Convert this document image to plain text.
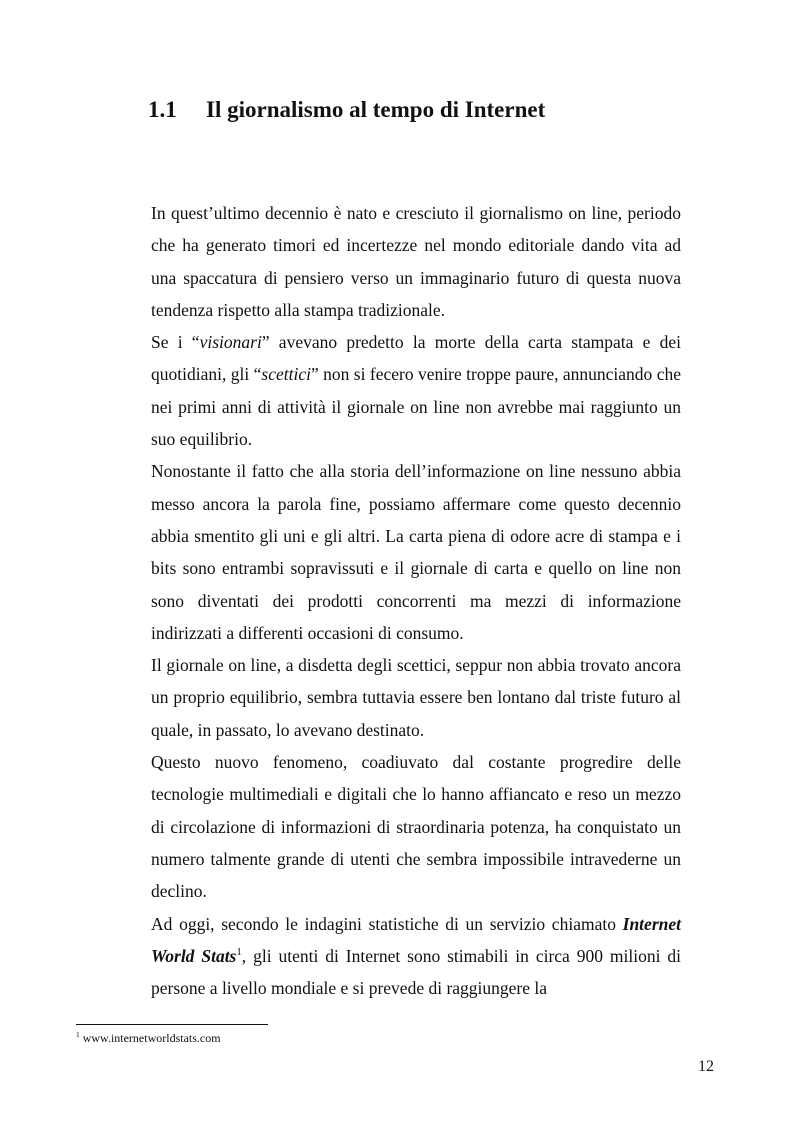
1.1 Il giornalismo al tempo di Internet

In quest’ultimo decennio è nato e cresciuto il giornalismo on line, periodo che ha generato timori ed incertezze nel mondo editoriale dando vita ad una spaccatura di pensiero verso un immaginario futuro di questa nuova tendenza rispetto alla stampa tradizionale.

Se i “visionari” avevano predetto la morte della carta stampata e dei quotidiani, gli “scettici” non si fecero venire troppe paure, annunciando che nei primi anni di attività il giornale on line non avrebbe mai raggiunto un suo equilibrio.

Nonostante il fatto che alla storia dell’informazione on line nessuno abbia messo ancora la parola fine, possiamo affermare come questo decennio abbia smentito gli uni e gli altri. La carta piena di odore acre di stampa e i bits sono entrambi sopravissuti e il giornale di carta e quello on line non sono diventati dei prodotti concorrenti ma mezzi di informazione indirizzati a differenti occasioni di consumo.

Il giornale on line, a disdetta degli scettici, seppur non abbia trovato ancora un proprio equilibrio, sembra tuttavia essere ben lontano dal triste futuro al quale, in passato, lo avevano destinato.

Questo nuovo fenomeno, coadiuvato dal costante progredire delle tecnologie multimediali e digitali che lo hanno affiancato e reso un mezzo di circolazione di informazioni di straordinaria potenza, ha conquistato un numero talmente grande di utenti che sembra impossibile intravederne un declino.

Ad oggi, secondo le indagini statistiche di un servizio chiamato Internet World Stats$^1$, gli utenti di Internet sono stimabili in circa 900 milioni di persone a livello mondiale e si prevede di raggiungere la

$^1$ www.internetworldstats.com

12
